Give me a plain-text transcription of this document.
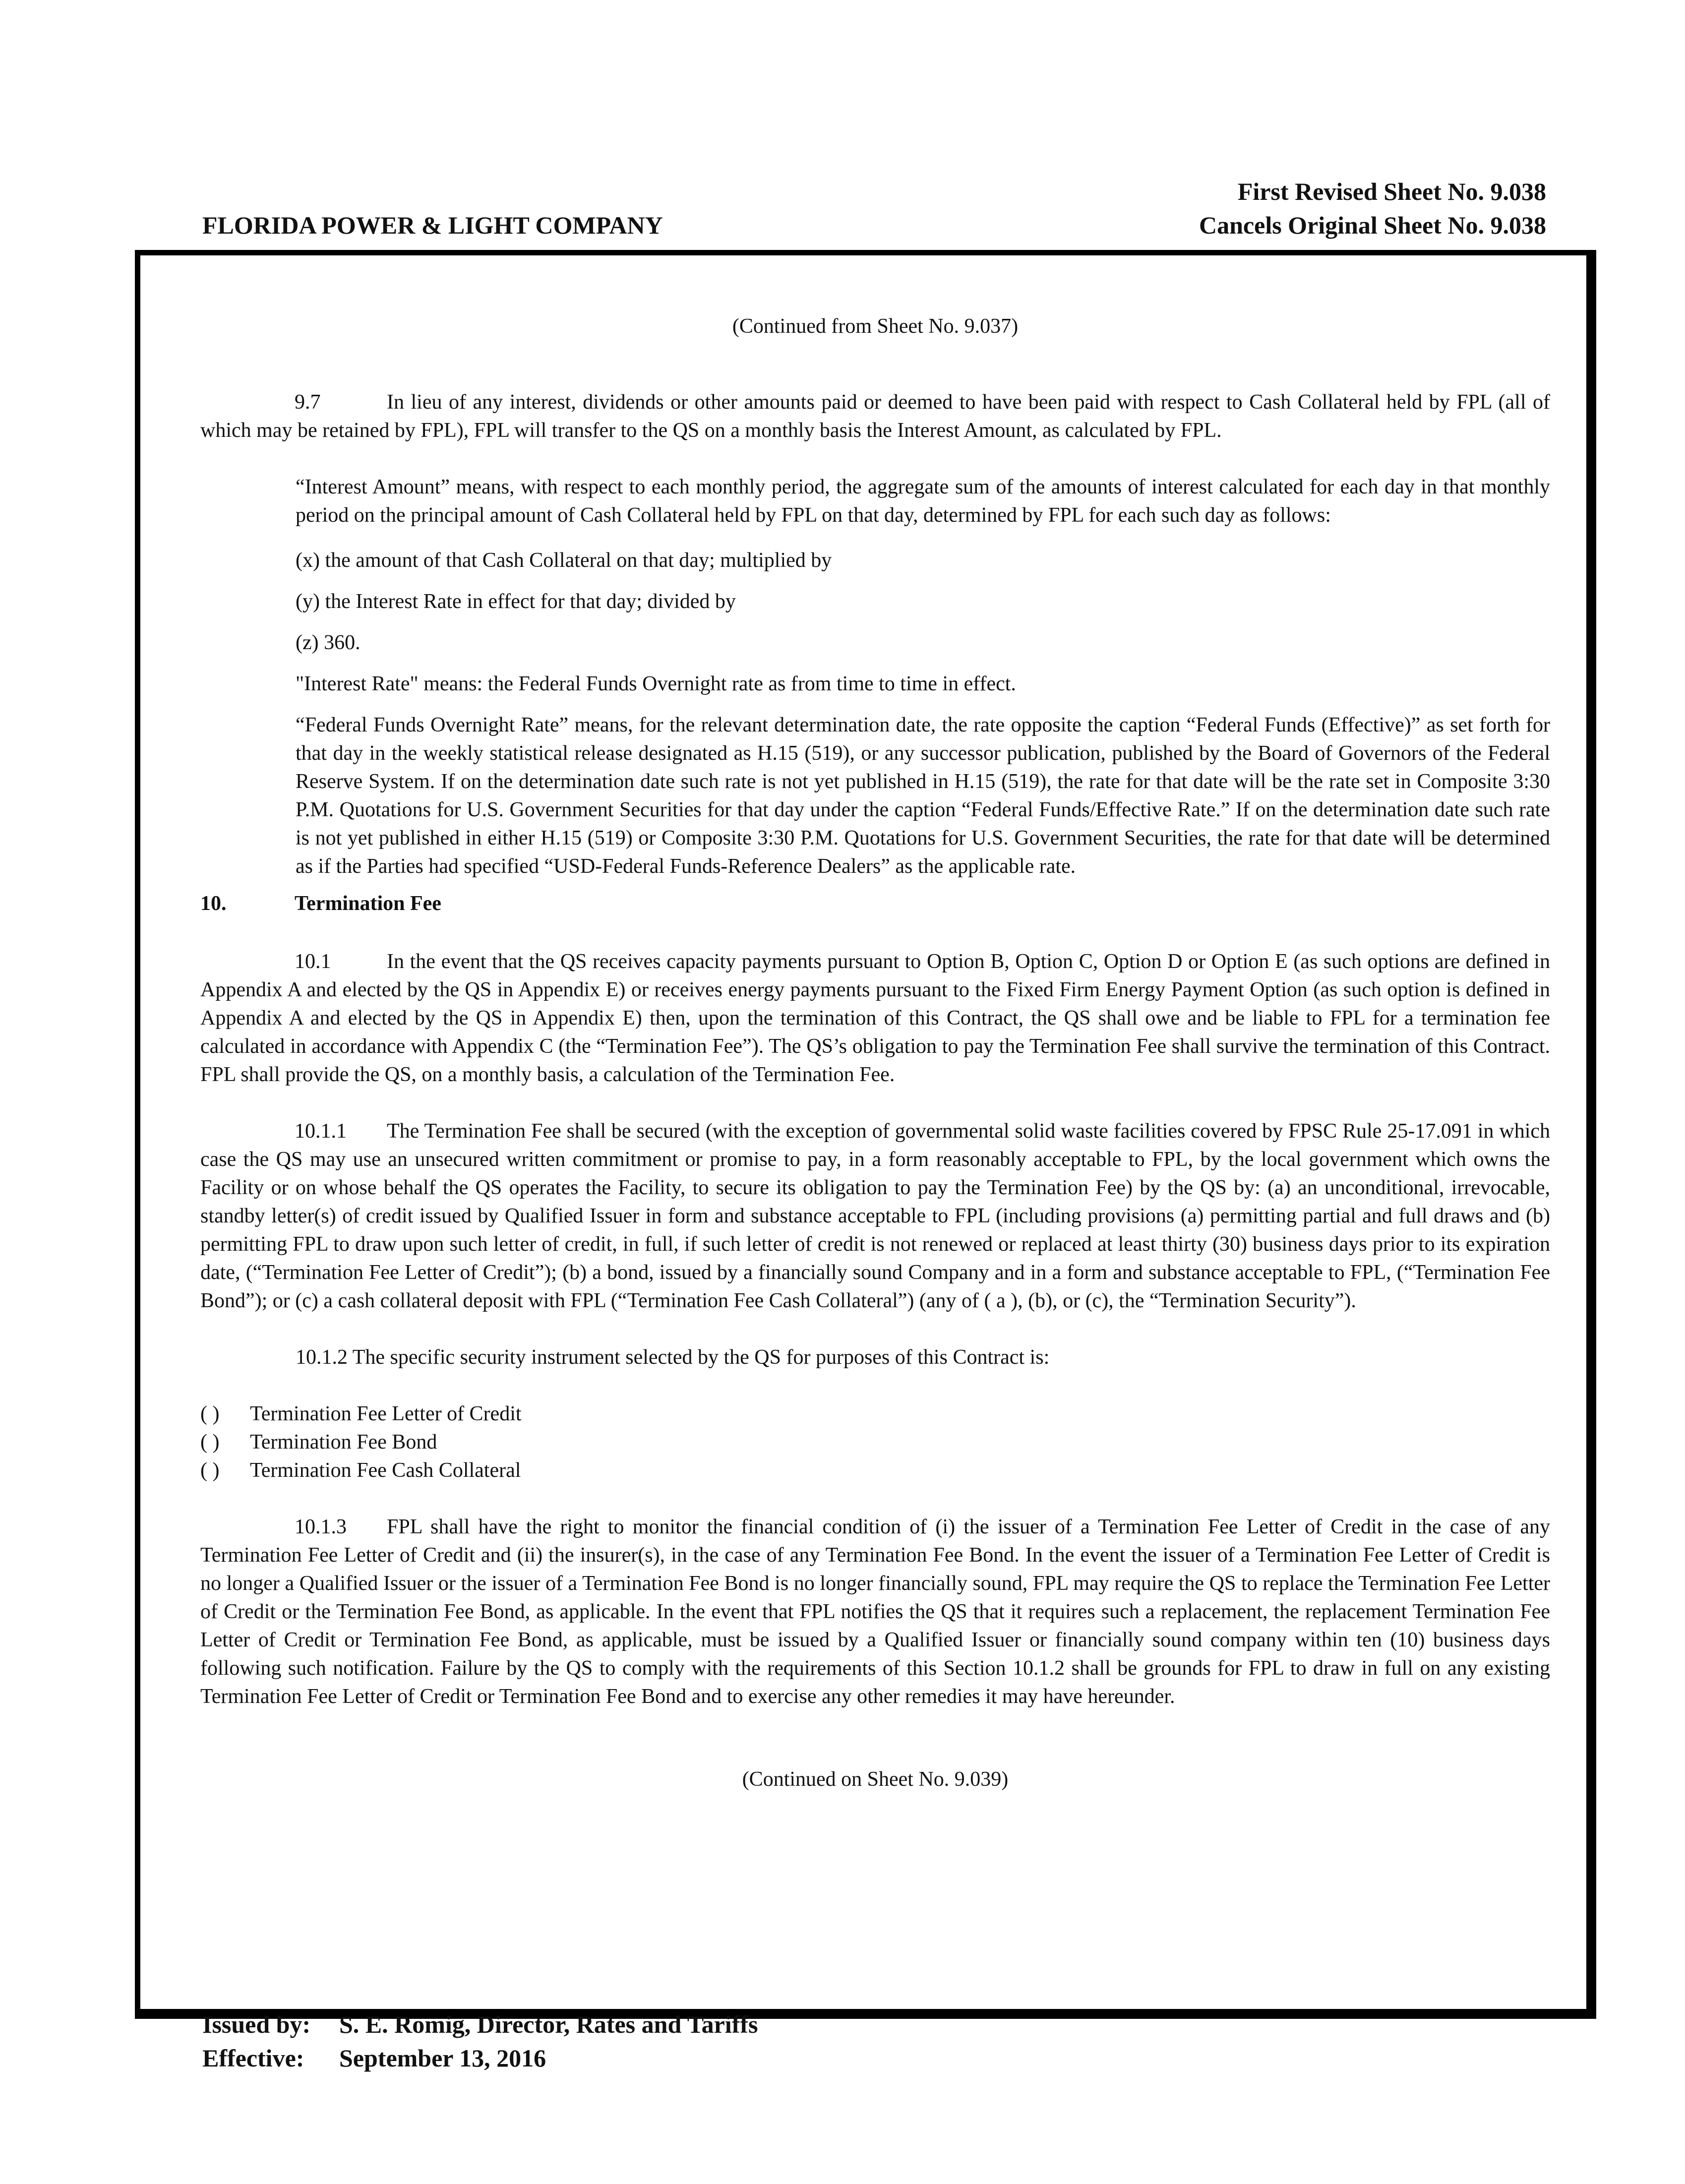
First Revised Sheet No. 9.038
Cancels Original Sheet No. 9.038
FLORIDA POWER & LIGHT COMPANY

(Continued from Sheet No. 9.037)

9.7	In lieu of any interest, dividends or other amounts paid or deemed to have been paid with respect to Cash Collateral held by FPL (all of which may be retained by FPL), FPL will transfer to the QS on a monthly basis the Interest Amount, as calculated by FPL.

“Interest Amount” means, with respect to each monthly period, the aggregate sum of the amounts of interest calculated for each day in that monthly period on the principal amount of Cash Collateral held by FPL on that day, determined by FPL for each such day as follows:

(x) the amount of that Cash Collateral on that day; multiplied by

(y) the Interest Rate in effect for that day; divided by

(z) 360.

"Interest Rate" means: the Federal Funds Overnight rate as from time to time in effect.

“Federal Funds Overnight Rate” means, for the relevant determination date, the rate opposite the caption “Federal Funds (Effective)” as set forth for that day in the weekly statistical release designated as H.15 (519), or any successor publication, published by the Board of Governors of the Federal Reserve System. If on the determination date such rate is not yet published in H.15 (519), the rate for that date will be the rate set in Composite 3:30 P.M. Quotations for U.S. Government Securities for that day under the caption “Federal Funds/Effective Rate.” If on the determination date such rate is not yet published in either H.15 (519) or Composite 3:30 P.M. Quotations for U.S. Government Securities, the rate for that date will be determined as if the Parties had specified “USD-Federal Funds-Reference Dealers” as the applicable rate.

10.	Termination Fee

10.1	In the event that the QS receives capacity payments pursuant to Option B, Option C, Option D or Option E (as such options are defined in Appendix A and elected by the QS in Appendix E) or receives energy payments pursuant to the Fixed Firm Energy Payment Option (as such option is defined in Appendix A and elected by the QS in Appendix E) then, upon the termination of this Contract, the QS shall owe and be liable to FPL for a termination fee calculated in accordance with Appendix C (the “Termination Fee”). The QS’s obligation to pay the Termination Fee shall survive the termination of this Contract. FPL shall provide the QS, on a monthly basis, a calculation of the Termination Fee.

10.1.1 The Termination Fee shall be secured (with the exception of governmental solid waste facilities covered by FPSC Rule 25-17.091 in which case the QS may use an unsecured written commitment or promise to pay, in a form reasonably acceptable to FPL, by the local government which owns the Facility or on whose behalf the QS operates the Facility, to secure its obligation to pay the Termination Fee) by the QS by: (a) an unconditional, irrevocable, standby letter(s) of credit issued by Qualified Issuer in form and substance acceptable to FPL (including provisions (a) permitting partial and full draws and (b) permitting FPL to draw upon such letter of credit, in full, if such letter of credit is not renewed or replaced at least thirty (30) business days prior to its expiration date, (“Termination Fee Letter of Credit”); (b) a bond, issued by a financially sound Company and in a form and substance acceptable to FPL, (“Termination Fee Bond”); or (c) a cash collateral deposit with FPL (“Termination Fee Cash Collateral”) (any of ( a ), (b), or (c), the “Termination Security”).

10.1.2 The specific security instrument selected by the QS for purposes of this Contract is:

( ) Termination Fee Letter of Credit

( ) Termination Fee Bond

( ) Termination Fee Cash Collateral

10.1.3 FPL shall have the right to monitor the financial condition of (i) the issuer of a Termination Fee Letter of Credit in the case of any Termination Fee Letter of Credit and (ii) the insurer(s), in the case of any Termination Fee Bond. In the event the issuer of a Termination Fee Letter of Credit is no longer a Qualified Issuer or the issuer of a Termination Fee Bond is no longer financially sound, FPL may require the QS to replace the Termination Fee Letter of Credit or the Termination Fee Bond, as applicable. In the event that FPL notifies the QS that it requires such a replacement, the replacement Termination Fee Letter of Credit or Termination Fee Bond, as applicable, must be issued by a Qualified Issuer or financially sound company within ten (10) business days following such notification. Failure by the QS to comply with the requirements of this Section 10.1.2 shall be grounds for FPL to draw in full on any existing Termination Fee Letter of Credit or Termination Fee Bond and to exercise any other remedies it may have hereunder.

(Continued on Sheet No. 9.039)

Issued by: S. E. Romig, Director, Rates and Tariffs
Effective: September 13, 2016
